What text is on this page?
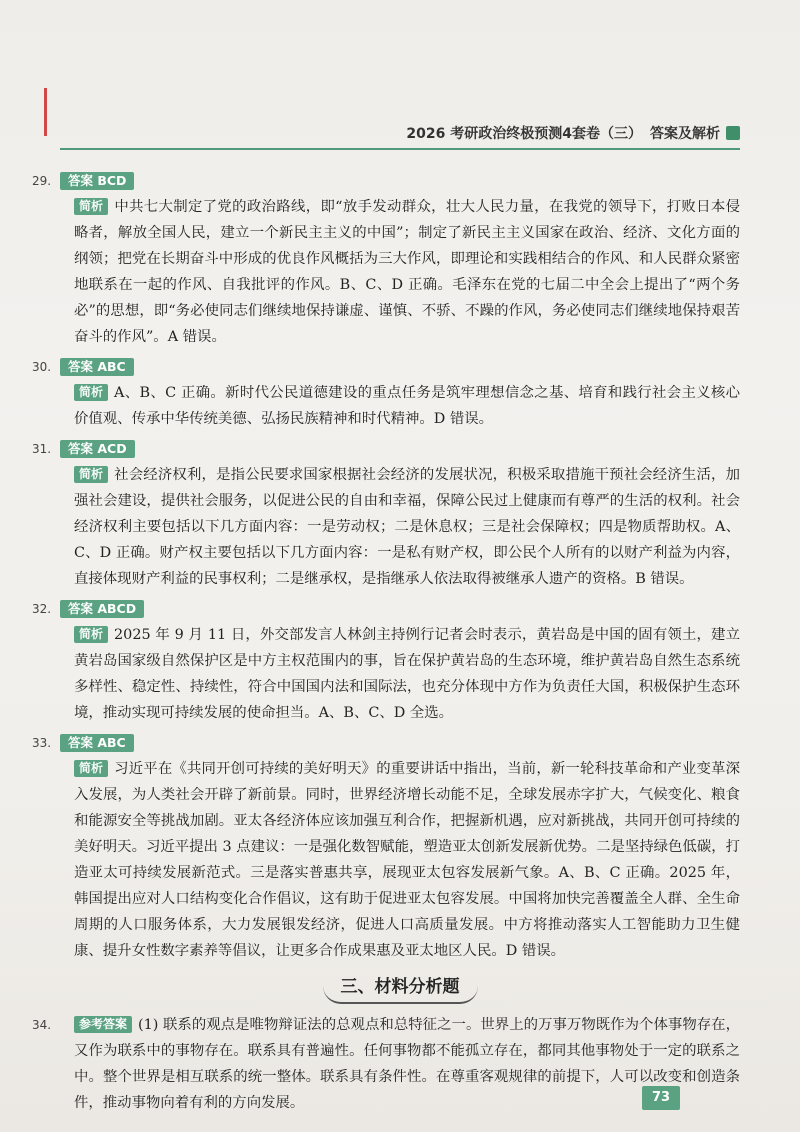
2026 考研政治终极预测4套卷（三） 答案及解析
29.	答案 BCD
简析 中共七大制定了党的政治路线，即“放手发动群众，壮大人民力量，在我党的领导下，打败日本侵略者，解放全国人民，建立一个新民主主义的中国”；制定了新民主主义国家在政治、经济、文化方面的纲领；把党在长期奋斗中形成的优良作风概括为三大作风，即理论和实践相结合的作风、和人民群众紧密地联系在一起的作风、自我批评的作风。B、C、D 正确。毛泽东在党的七届二中全会上提出了“两个务必”的思想，即“务必使同志们继续地保持谦虚、谨慎、不骄、不躁的作风，务必使同志们继续地保持艰苦奋斗的作风”。A 错误。
30.	答案 ABC
简析 A、B、C 正确。新时代公民道德建设的重点任务是筑牢理想信念之基、培育和践行社会主义核心价值观、传承中华传统美德、弘扬民族精神和时代精神。D 错误。
31.	答案 ACD
简析 社会经济权利，是指公民要求国家根据社会经济的发展状况，积极采取措施干预社会经济生活，加强社会建设，提供社会服务，以促进公民的自由和幸福，保障公民过上健康而有尊严的生活的权利。社会经济权利主要包括以下几方面内容：一是劳动权；二是休息权；三是社会保障权；四是物质帮助权。A、C、D 正确。财产权主要包括以下几方面内容：一是私有财产权，即公民个人所有的以财产利益为内容，直接体现财产利益的民事权利；二是继承权，是指继承人依法取得被继承人遗产的资格。B 错误。
32.	答案 ABCD
简析 2025 年 9 月 11 日，外交部发言人林剑主持例行记者会时表示，黄岩岛是中国的固有领土，建立黄岩岛国家级自然保护区是中方主权范围内的事，旨在保护黄岩岛的生态环境，维护黄岩岛自然生态系统多样性、稳定性、持续性，符合中国国内法和国际法，也充分体现中方作为负责任大国，积极保护生态环境，推动实现可持续发展的使命担当。A、B、C、D 全选。
33.	答案 ABC
简析 习近平在《共同开创可持续的美好明天》的重要讲话中指出，当前，新一轮科技革命和产业变革深入发展，为人类社会开辟了新前景。同时，世界经济增长动能不足，全球发展赤字扩大，气候变化、粮食和能源安全等挑战加剧。亚太各经济体应该加强互利合作，把握新机遇，应对新挑战，共同开创可持续的美好明天。习近平提出 3 点建议：一是强化数智赋能，塑造亚太创新发展新优势。二是坚持绿色低碳，打造亚太可持续发展新范式。三是落实普惠共享，展现亚太包容发展新气象。A、B、C 正确。2025 年，韩国提出应对人口结构变化合作倡议，这有助于促进亚太包容发展。中国将加快完善覆盖全人群、全生命周期的人口服务体系，大力发展银发经济，促进人口高质量发展。中方将推动落实人工智能助力卫生健康、提升女性数字素养等倡议，让更多合作成果惠及亚太地区人民。D 错误。
三、材料分析题
34. 参考答案 (1) 联系的观点是唯物辩证法的总观点和总特征之一。世界上的万事万物既作为个体事物存在，又作为联系中的事物存在。联系具有普遍性。任何事物都不能孤立存在，都同其他事物处于一定的联系之中。整个世界是相互联系的统一整体。联系具有条件性。在尊重客观规律的前提下，人可以改变和创造条件，推动事物向着有利的方向发展。	73
